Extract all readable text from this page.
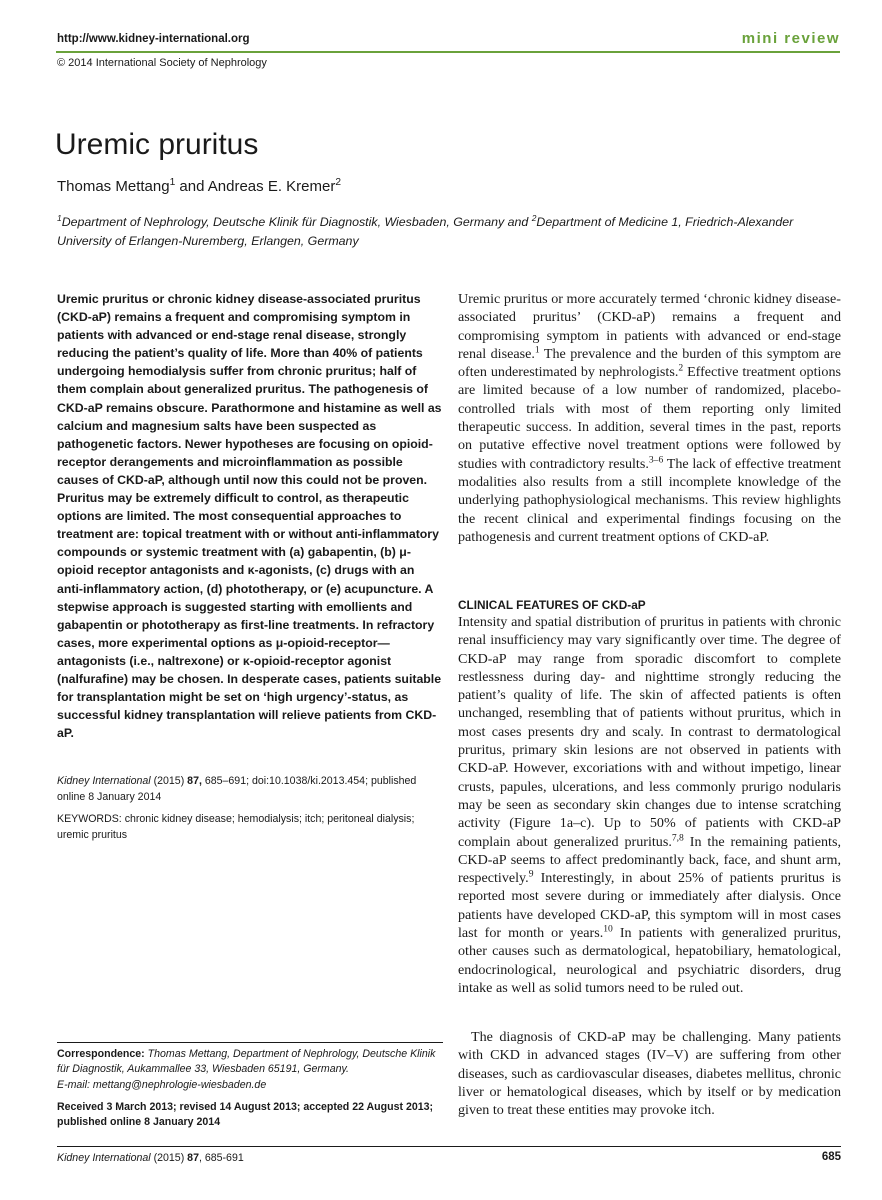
http://www.kidney-international.org
© 2014 International Society of Nephrology
mini review
Uremic pruritus
Thomas Mettang$^1$ and Andreas E. Kremer$^2$
$^1$Department of Nephrology, Deutsche Klinik für Diagnostik, Wiesbaden, Germany and $^2$Department of Medicine 1, Friedrich-Alexander University of Erlangen-Nuremberg, Erlangen, Germany
Uremic pruritus or chronic kidney disease-associated pruritus (CKD-aP) remains a frequent and compromising symptom in patients with advanced or end-stage renal disease, strongly reducing the patient’s quality of life. More than 40% of patients undergoing hemodialysis suffer from chronic pruritus; half of them complain about generalized pruritus. The pathogenesis of CKD-aP remains obscure. Parathormone and histamine as well as calcium and magnesium salts have been suspected as pathogenetic factors. Newer hypotheses are focusing on opioid-receptor derangements and microinflammation as possible causes of CKD-aP, although until now this could not be proven. Pruritus may be extremely difficult to control, as therapeutic options are limited. The most consequential approaches to treatment are: topical treatment with or without anti-inflammatory compounds or systemic treatment with (a) gabapentin, (b) μ-opioid receptor antagonists and κ-agonists, (c) drugs with an anti-inflammatory action, (d) phototherapy, or (e) acupuncture. A stepwise approach is suggested starting with emollients and gabapentin or phototherapy as first-line treatments. In refractory cases, more experimental options as μ-opioid-receptor—antagonists (i.e., naltrexone) or κ-opioid-receptor agonist (nalfurafine) may be chosen. In desperate cases, patients suitable for transplantation might be set on ‘high urgency’-status, as successful kidney transplantation will relieve patients from CKD-aP.
Kidney International (2015) 87, 685–691; doi:10.1038/ki.2013.454; published online 8 January 2014
KEYWORDS: chronic kidney disease; hemodialysis; itch; peritoneal dialysis; uremic pruritus
Correspondence: Thomas Mettang, Department of Nephrology, Deutsche Klinik für Diagnostik, Aukammallee 33, Wiesbaden 65191, Germany.
E-mail: mettang@nephrologie-wiesbaden.de
Received 3 March 2013; revised 14 August 2013; accepted 22 August 2013; published online 8 January 2014

Uremic pruritus or more accurately termed ‘chronic kidney disease-associated pruritus’ (CKD-aP) remains a frequent and compromising symptom in patients with advanced or end-stage renal disease.$^1$ The prevalence and the burden of this symptom are often underestimated by nephrologists.$^2$ Effective treatment options are limited because of a low number of randomized, placebo-controlled trials with most of them reporting only limited therapeutic success. In addition, several times in the past, reports on putative effective novel treatment options were followed by studies with contradictory results.$^{3-6}$ The lack of effective treatment modalities also results from a still incomplete knowledge of the underlying pathophysiological mechanisms. This review highlights the recent clinical and experimental findings focusing on the pathogenesis and current treatment options of CKD-aP.

CLINICAL FEATURES OF CKD-aP

Intensity and spatial distribution of pruritus in patients with chronic renal insufficiency may vary significantly over time. The degree of CKD-aP may range from sporadic discomfort to complete restlessness during day- and nighttime strongly reducing the patient’s quality of life. The skin of affected patients is often unchanged, resembling that of patients without pruritus, which in most cases presents dry and scaly. In contrast to dermatological pruritus, primary skin lesions are not observed in patients with CKD-aP. However, excoriations with and without impetigo, linear crusts, papules, ulcerations, and less commonly prurigo nodularis may be seen as secondary skin changes due to intense scratching activity (Figure 1a–c). Up to 50% of patients with CKD-aP complain about generalized pruritus.$^{7,8}$ In the remaining patients, CKD-aP seems to affect predominantly back, face, and shunt arm, respectively.$^9$ Interestingly, in about 25% of patients pruritus is reported most severe during or immediately after dialysis. Once patients have developed CKD-aP, this symptom will in most cases last for month or years.$^{10}$ In patients with generalized pruritus, other causes such as dermatological, hepatobiliary, hematological, endocrinological, neurological and psychiatric disorders, drug intake as well as solid tumors need to be ruled out.

The diagnosis of CKD-aP may be challenging. Many patients with CKD in advanced stages (IV–V) are suffering from other diseases, such as cardiovascular diseases, diabetes mellitus, chronic liver or hematological diseases, which by itself or by medication given to treat these entities may provoke itch.

Kidney International (2015) 87, 685-691	685
